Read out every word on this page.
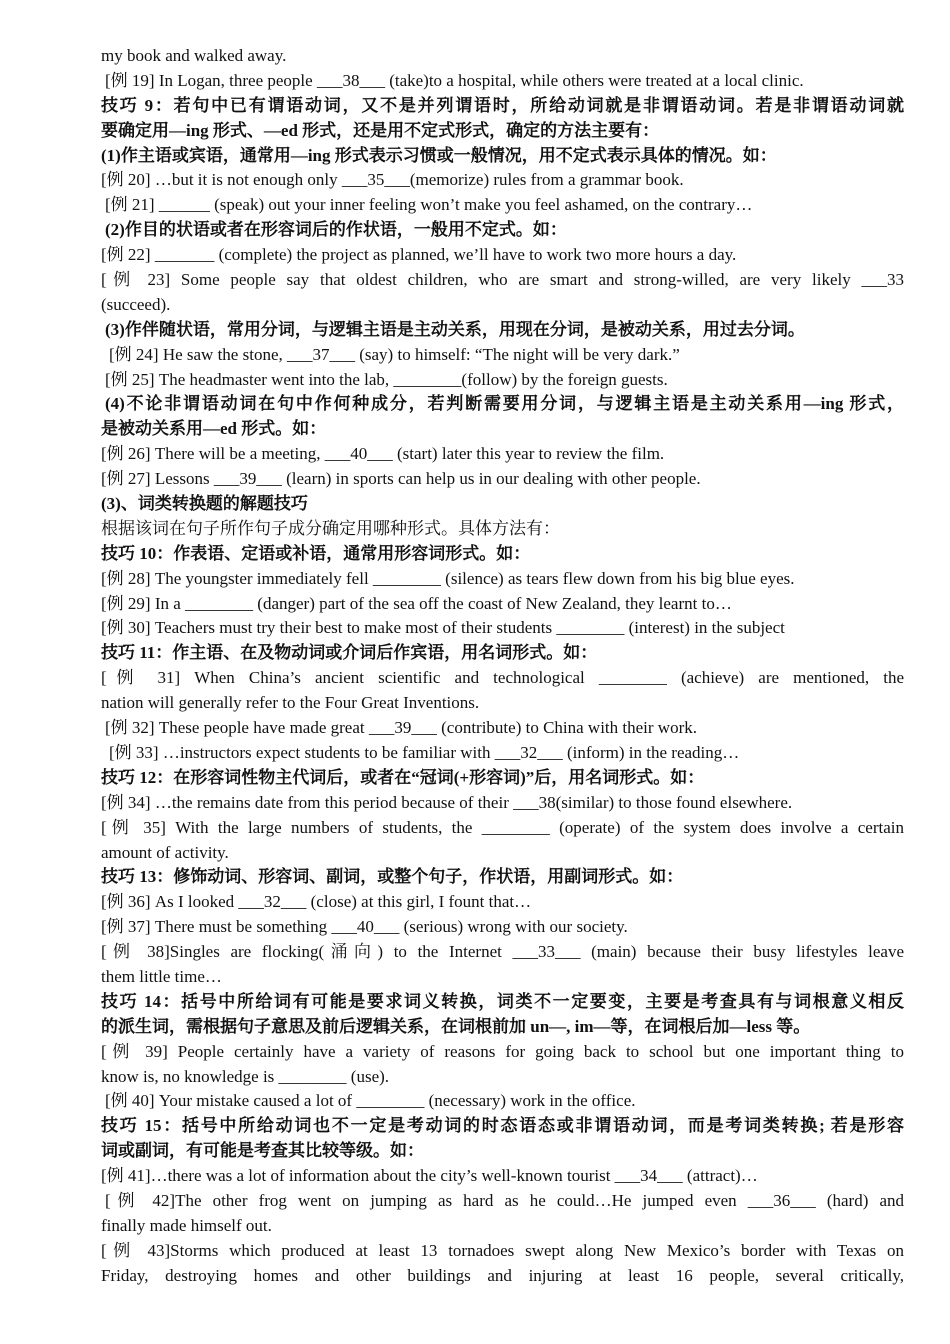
my book and walked away.
[例 19] In Logan, three people ___38___ (take)to a hospital, while others were treated at a local clinic.
技巧 9：若句中已有谓语动词，又不是并列谓语时，所给动词就是非谓语动词。若是非谓语动词就
要确定用—ing 形式、—ed 形式，还是用不定式形式，确定的方法主要有：
(1)作主语或宾语，通常用—ing 形式表示习惯或一般情况，用不定式表示具体的情况。如：
[例 20] …but it is not enough only ___35___(memorize) rules from a grammar book.
[例 21] ______ (speak) out your inner feeling won’t make you feel ashamed, on the contrary…
(2)作目的状语或者在形容词后的作状语，一般用不定式。如：
[例 22] _______ (complete) the project as planned, we’ll have to work two more hours a day.
[例 23] Some people say that oldest children, who are smart and strong-willed, are very likely ___33
(succeed).
(3)作伴随状语，常用分词，与逻辑主语是主动关系，用现在分词，是被动关系，用过去分词。
[例 24] He saw the stone, ___37___ (say) to himself: “The night will be very dark.”
[例 25] The headmaster went into the lab, ________(follow) by the foreign guests.
(4)不论非谓语动词在句中作何种成分，若判断需要用分词，与逻辑主语是主动关系用—ing 形式，
是被动关系用—ed 形式。如：
[例 26] There will be a meeting, ___40___ (start) later this year to review the film.
[例 27] Lessons ___39___ (learn) in sports can help us in our dealing with other people.
(3)、词类转换题的解题技巧
根据该词在句子所作句子成分确定用哪种形式。具体方法有：
技巧 10：作表语、定语或补语，通常用形容词形式。如：
[例 28] The youngster immediately fell ________ (silence) as tears flew down from his big blue eyes.
[例 29] In a ________ (danger) part of the sea off the coast of New Zealand, they learnt to…
[例 30] Teachers must try their best to make most of their students ________ (interest) in the subject
技巧 11：作主语、在及物动词或介词后作宾语，用名词形式。如：
[例 31] When China’s ancient scientific and technological ________ (achieve) are mentioned, the
nation will generally refer to the Four Great Inventions.
[例 32] These people have made great ___39___ (contribute) to China with their work.
[例 33] …instructors expect students to be familiar with ___32___ (inform) in the reading…
技巧 12：在形容词性物主代词后，或者在“冠词(+形容词)”后，用名词形式。如：
[例 34] …the remains date from this period because of their ___38(similar) to those found elsewhere.
[例 35] With the large numbers of students, the ________ (operate) of the system does involve a certain
amount of activity.
技巧 13：修饰动词、形容词、副词，或整个句子，作状语，用副词形式。如：
[例 36] As I looked ___32___ (close) at this girl, I fount that…
[例 37] There must be something ___40___ (serious) wrong with our society.
[例 38]Singles are flocking(涌向) to the Internet ___33___ (main) because their busy lifestyles leave
them little time…
技巧 14：括号中所给词有可能是要求词义转换，词类不一定要变，主要是考查具有与词根意义相反
的派生词，需根据句子意思及前后逻辑关系，在词根前加 un—, im—等，在词根后加—less 等。
[例 39] People certainly have a variety of reasons for going back to school but one important thing to
know is, no knowledge is ________ (use).
[例 40] Your mistake caused a lot of ________ (necessary) work in the office.
技巧 15：括号中所给动词也不一定是考动词的时态语态或非谓语动词，而是考词类转换; 若是形容
词或副词，有可能是考查其比较等级。如：
[例 41]…there was a lot of information about the city’s well-known tourist ___34___ (attract)…
[例 42]The other frog went on jumping as hard as he could…He jumped even ___36___ (hard) and
finally made himself out.
[例 43]Storms which produced at least 13 tornadoes swept along New Mexico’s border with Texas on
Friday, destroying homes and other buildings and injuring at least 16 people, several critically,
